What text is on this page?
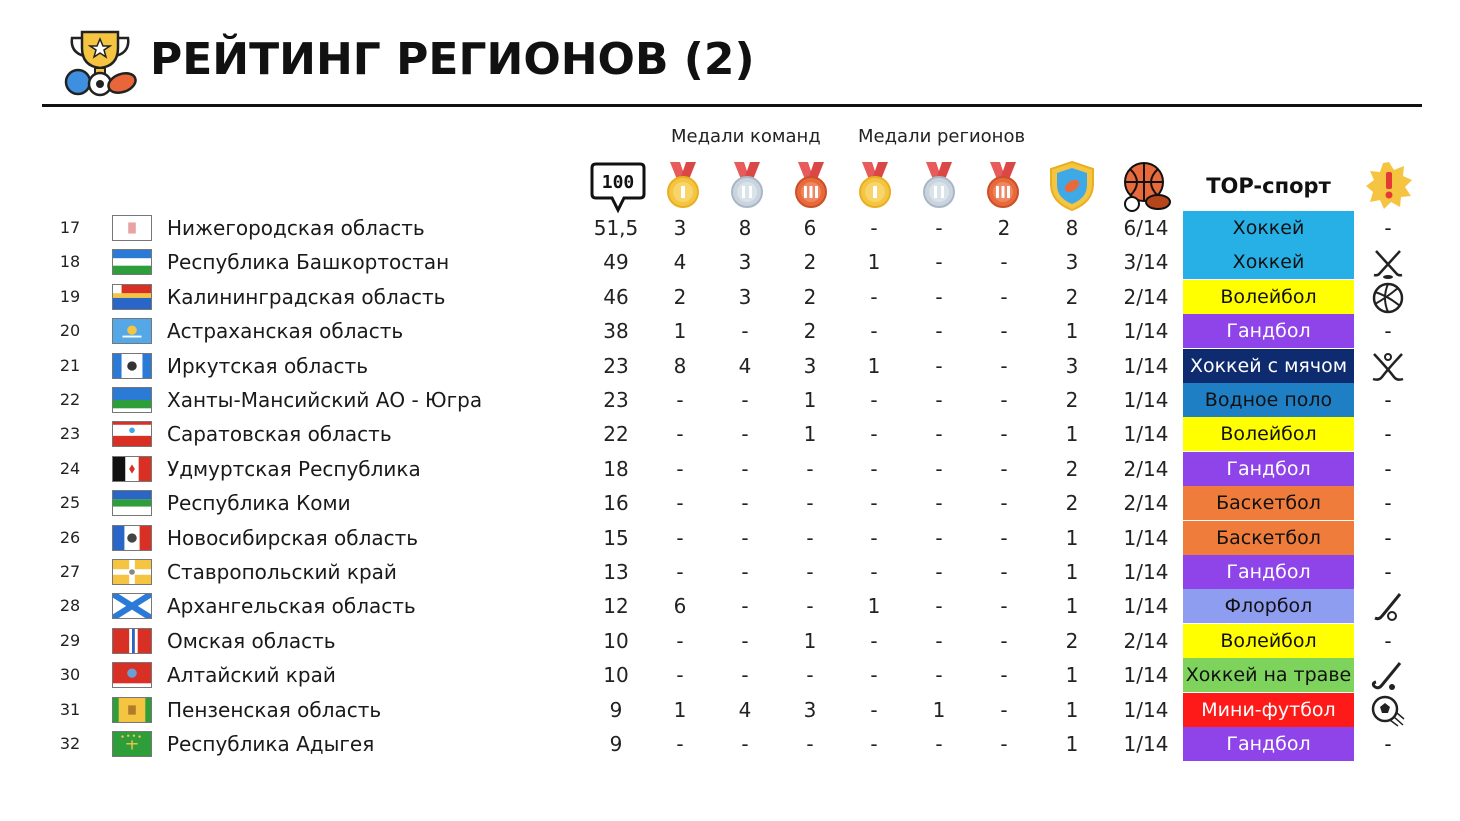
РЕЙТИНГ РЕГИОНОВ (2)
Медали команд Медали регионов
100	TOP-спорт
17	Нижегородская область	51,5	3	8	6	-	-	2	8	6/14	Хоккей	-
18	Республика Башкортостан	49	4	3	2	1	-	-	3	3/14	Хоккей
19	Калининградская область	46	2	3	2	-	-	-	2	2/14	Волейбол
20	Астраханская область	38	1	-	2	-	-	-	1	1/14	Гандбол	-
21	Иркутская область	23	8	4	3	1	-	-	3	1/14	Хоккей с мячом
22	Ханты-Мансийский АО - Югра	23	-	-	1	-	-	-	2	1/14	Водное поло	-
23	Саратовская область	22	-	-	1	-	-	-	1	1/14	Волейбол	-
24	Удмуртская Республика	18	-	-	-	-	-	-	2	2/14	Гандбол	-
25	Республика Коми	16	-	-	-	-	-	-	2	2/14	Баскетбол	-
26	Новосибирская область	15	-	-	-	-	-	-	1	1/14	Баскетбол	-
27	Ставропольский край	13	-	-	-	-	-	-	1	1/14	Гандбол	-
28	Архангельская область	12	6	-	-	1	-	-	1	1/14	Флорбол
29	Омская область	10	-	-	1	-	-	-	2	2/14	Волейбол	-
30	Алтайский край	10	-	-	-	-	-	-	1	1/14 Хоккей на траве
31	Пензенская область	9	1	4	3	-	1	-	1	1/14	Мини-футбол
32	Республика Адыгея	9	-	-	-	-	-	-	1	1/14	Гандбол	-
